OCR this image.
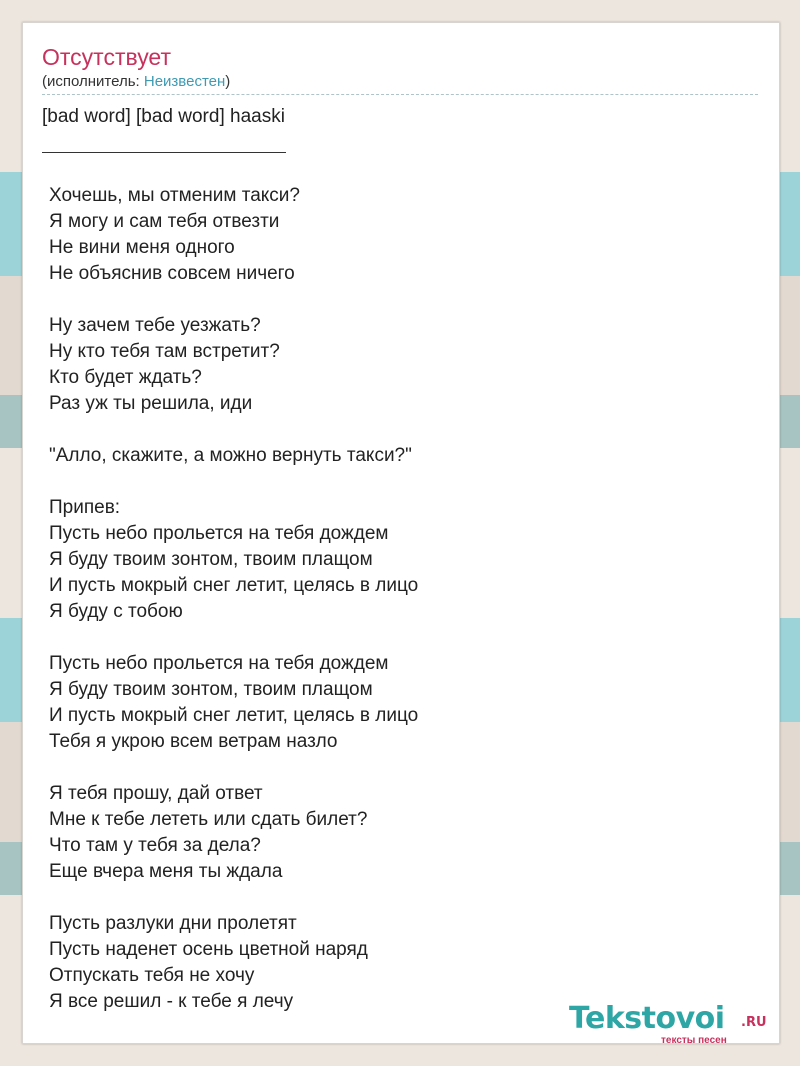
Отсутствует
(исполнитель: Неизвестен)
[bad word] [bad word] haaski
Хочешь, мы отменим такси?
Я могу и сам тебя отвезти
Не вини меня одного
Не объяснив совсем ничего
Ну зачем тебе уезжать?
Ну кто тебя там встретит?
Кто будет ждать?
Раз уж ты решила, иди
"Алло, скажите, а можно вернуть такси?"
Припев:
Пусть небо прольется на тебя дождем
Я буду твоим зонтом, твоим плащом
И пусть мокрый снег летит, целясь в лицо
Я буду с тобою
Пусть небо прольется на тебя дождем
Я буду твоим зонтом, твоим плащом
И пусть мокрый снег летит, целясь в лицо
Тебя я укрою всем ветрам назло
Я тебя прошу, дай ответ
Мне к тебе лететь или сдать билет?
Что там у тебя за дела?
Еще вчера меня ты ждала
Пусть разлуки дни пролетят
Пусть наденет осень цветной наряд
Отпускать тебя не хочу
Я все решил - к тебе я лечу	Tekstovoi .RU
тексты песен
